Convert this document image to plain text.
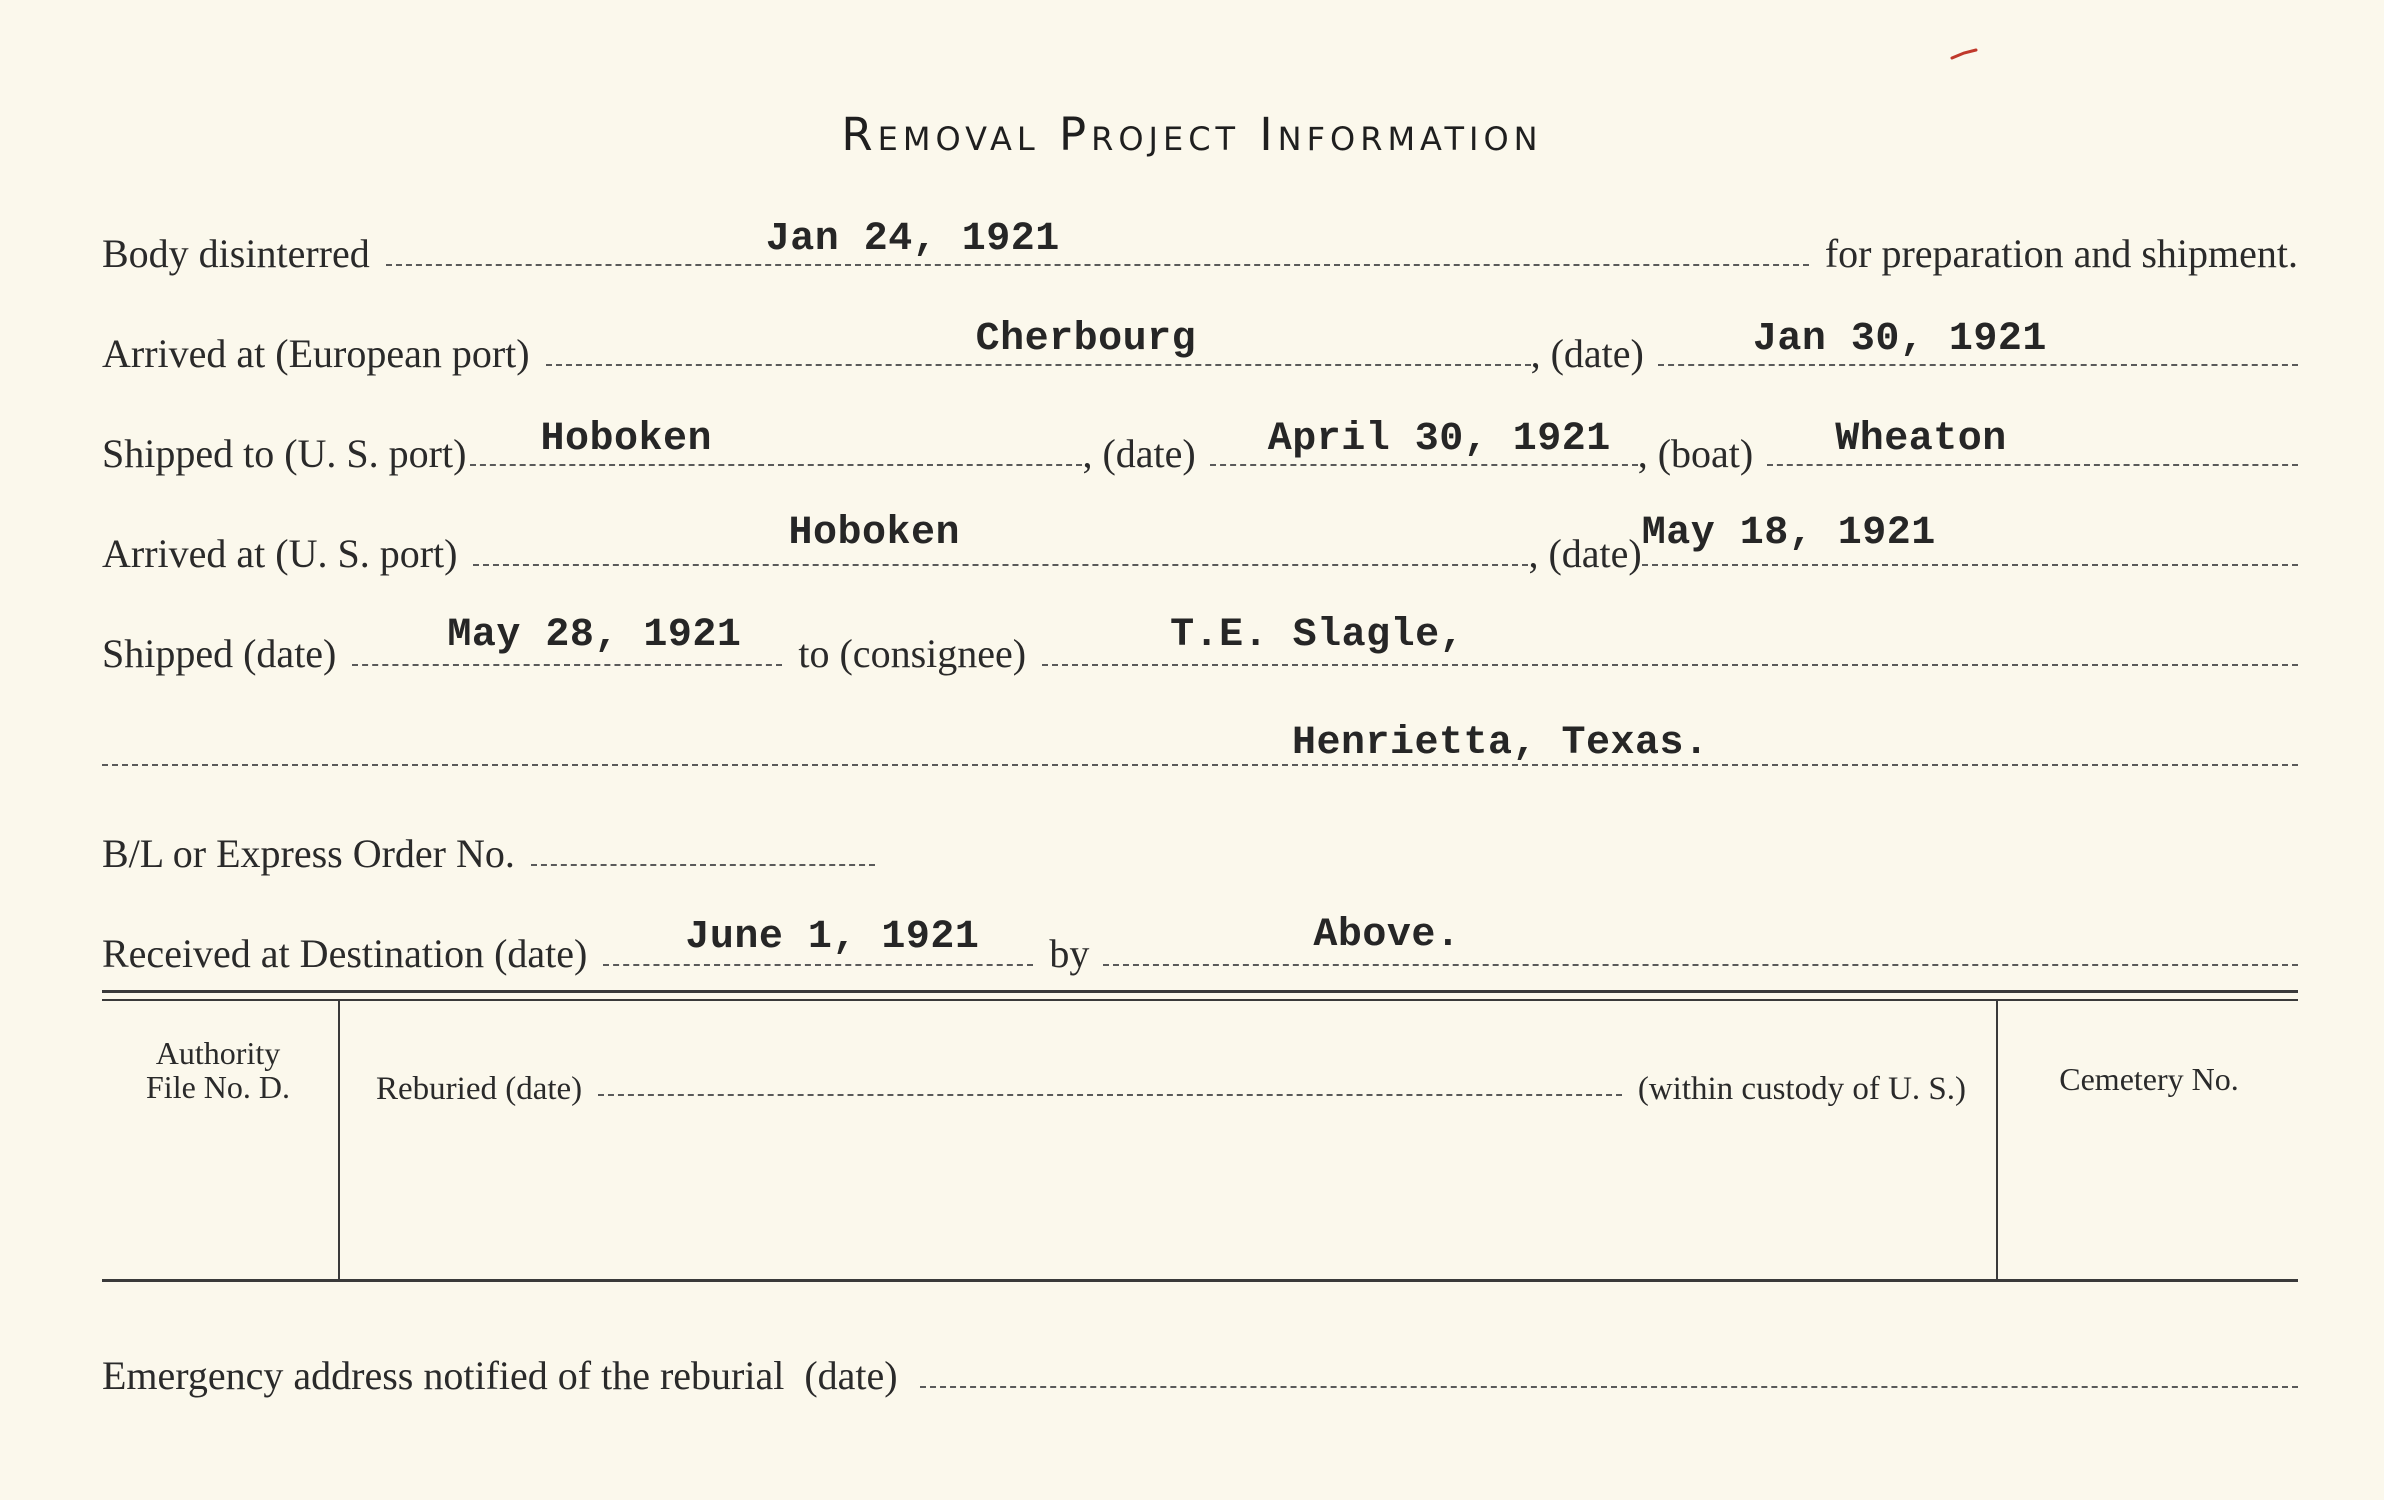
Removal Project Information
Body disinterred	Jan 24, 1921	for preparation and shipment.
Arrived at (European port)	Cherbourg	, (date)	Jan 30, 1921
Shipped to (U. S. port) Hoboken	, (date) April 30, 1921 , (boat) Wheaton
Arrived at (U. S. port)	Hoboken	, (date) May 18, 1921
Shipped (date)	May 28, 1921 to (consignee)	T.E. Slagle,
Henrietta, Texas.
B/L or Express Order No.
Received at Destination (date) June 1, 1921 by	Above.
Authority
File No. D.	Reburied (date)	(within custody of U. S.)	Cemetery No.
Emergency address notified of the reburial  (date)
